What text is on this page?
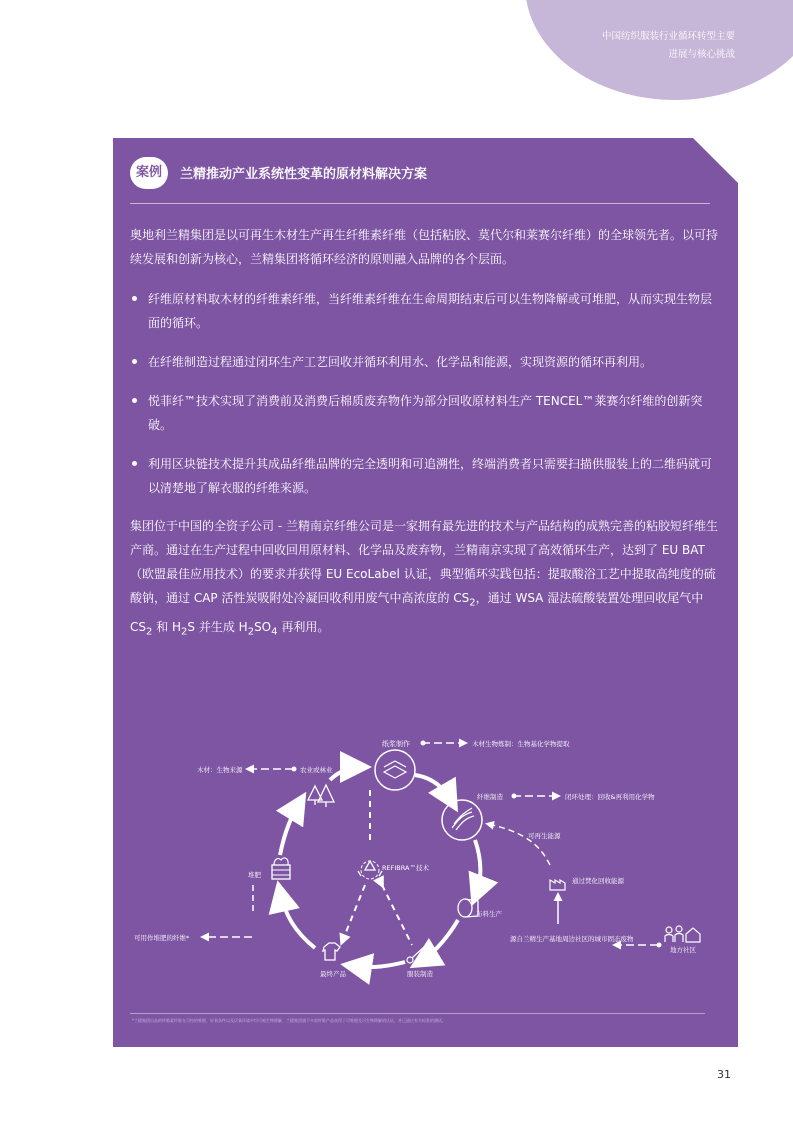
中国纺织服装行业循环转型主要
进展与核心挑战
案例	兰精推动产业系统性变革的原材料解决方案
奥地利兰精集团是以可再生木材生产再生纤维素纤维（包括粘胶、莫代尔和莱赛尔纤维）的全球领先者。以可持续发展和创新为核心，兰精集团将循环经济的原则融入品牌的各个层面。
纤维原材料取木材的纤维素纤维，当纤维素纤维在生命周期结束后可以生物降解或可堆肥，从而实现生物层面的循环。
在纤维制造过程通过闭环生产工艺回收并循环利用水、化学品和能源，实现资源的循环再利用。
悦菲纤™技术实现了消费前及消费后棉质废弃物作为部分回收原材料生产 TENCEL™莱赛尔纤维的创新突破。
利用区块链技术提升其成品纤维品牌的完全透明和可追溯性，终端消费者只需要扫描供服装上的二维码就可以清楚地了解衣服的纤维来源。
集团位于中国的全资子公司 - 兰精南京纤维公司是一家拥有最先进的技术与产品结构的成熟完善的粘胶短纤维生产商。通过在生产过程中回收回用原材料、化学品及废弃物，兰精南京实现了高效循环生产，达到了 EU BAT（欧盟最佳应用技术）的要求并获得 EU EcoLabel 认证，典型循环实践包括：提取酸浴工艺中提取高纯度的硫酸钠，通过 CAP 活性炭吸附处冷凝回收利用废气中高浓度的 $CS_2$，通过 WSA 湿法硫酸装置处理回收尾气中 $CS_2$ 和 $H_2S$ 并生成 $H_2SO_4$ 再利用。
纸浆制作	木材生物炼制：生物基化学物提取
农业或林业
木材：生物来源
纤维制造	闭环处理：回收&再利用化学物
可再生能源
堆肥
REFIBRA™技术
通过焚化回收能源
布料生产
可用作堆肥的纤维*	源自兰精生产基地周边社区的城市固态废物
服装制造
最终产品
地方社区
*兰精集团出品的纤维素纤维在可控的堆肥、好氧条件以及厌氧环境中均可被生物降解，兰精集团旗下多款纤维产品获得了可堆肥及可生物降解的认证，并已通过有关标准的测试。
31
